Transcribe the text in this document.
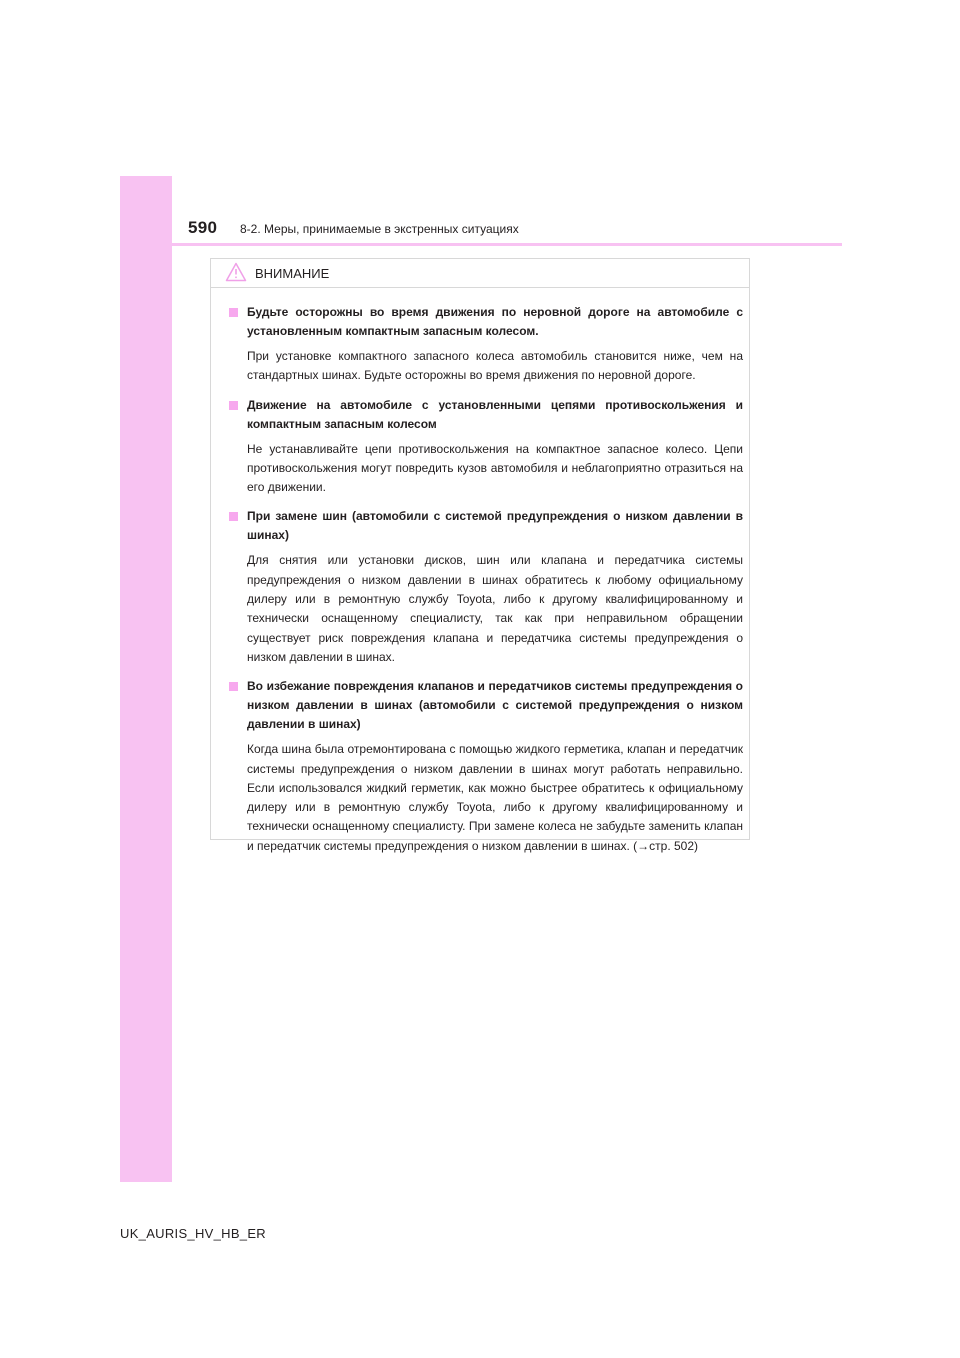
590 8-2. Меры, принимаемые в экстренных ситуациях
ВНИМАНИЕ
Будьте осторожны во время движения по неровной дороге на автомобиле с установленным компактным запасным колесом.
При установке компактного запасного колеса автомобиль становится ниже, чем на стандартных шинах. Будьте осторожны во время движения по неровной дороге.
Движение на автомобиле с установленными цепями противоскольжения и компактным запасным колесом
Не устанавливайте цепи противоскольжения на компактное запасное колесо. Цепи противоскольжения могут повредить кузов автомобиля и неблагоприятно отразиться на его движении.
При замене шин (автомобили с системой предупреждения о низком давлении в шинах)
Для снятия или установки дисков, шин или клапана и передатчика системы предупреждения о низком давлении в шинах обратитесь к любому официальному дилеру или в ремонтную службу Toyota, либо к другому квалифицированному и технически оснащенному специалисту, так как при неправильном обращении существует риск повреждения клапана и передатчика системы предупреждения о низком давлении в шинах.
Во избежание повреждения клапанов и передатчиков системы предупреждения о низком давлении в шинах (автомобили с системой предупреждения о низком давлении в шинах)
Когда шина была отремонтирована с помощью жидкого герметика, клапан и передатчик системы предупреждения о низком давлении в шинах могут работать неправильно. Если использовался жидкий герметик, как можно быстрее обратитесь к официальному дилеру или в ремонтную службу Toyota, либо к другому квалифицированному и технически оснащенному специалисту. При замене колеса не забудьте заменить клапан и передатчик системы предупреждения о низком давлении в шинах. (→стр. 502)
UK_AURIS_HV_HB_ER
